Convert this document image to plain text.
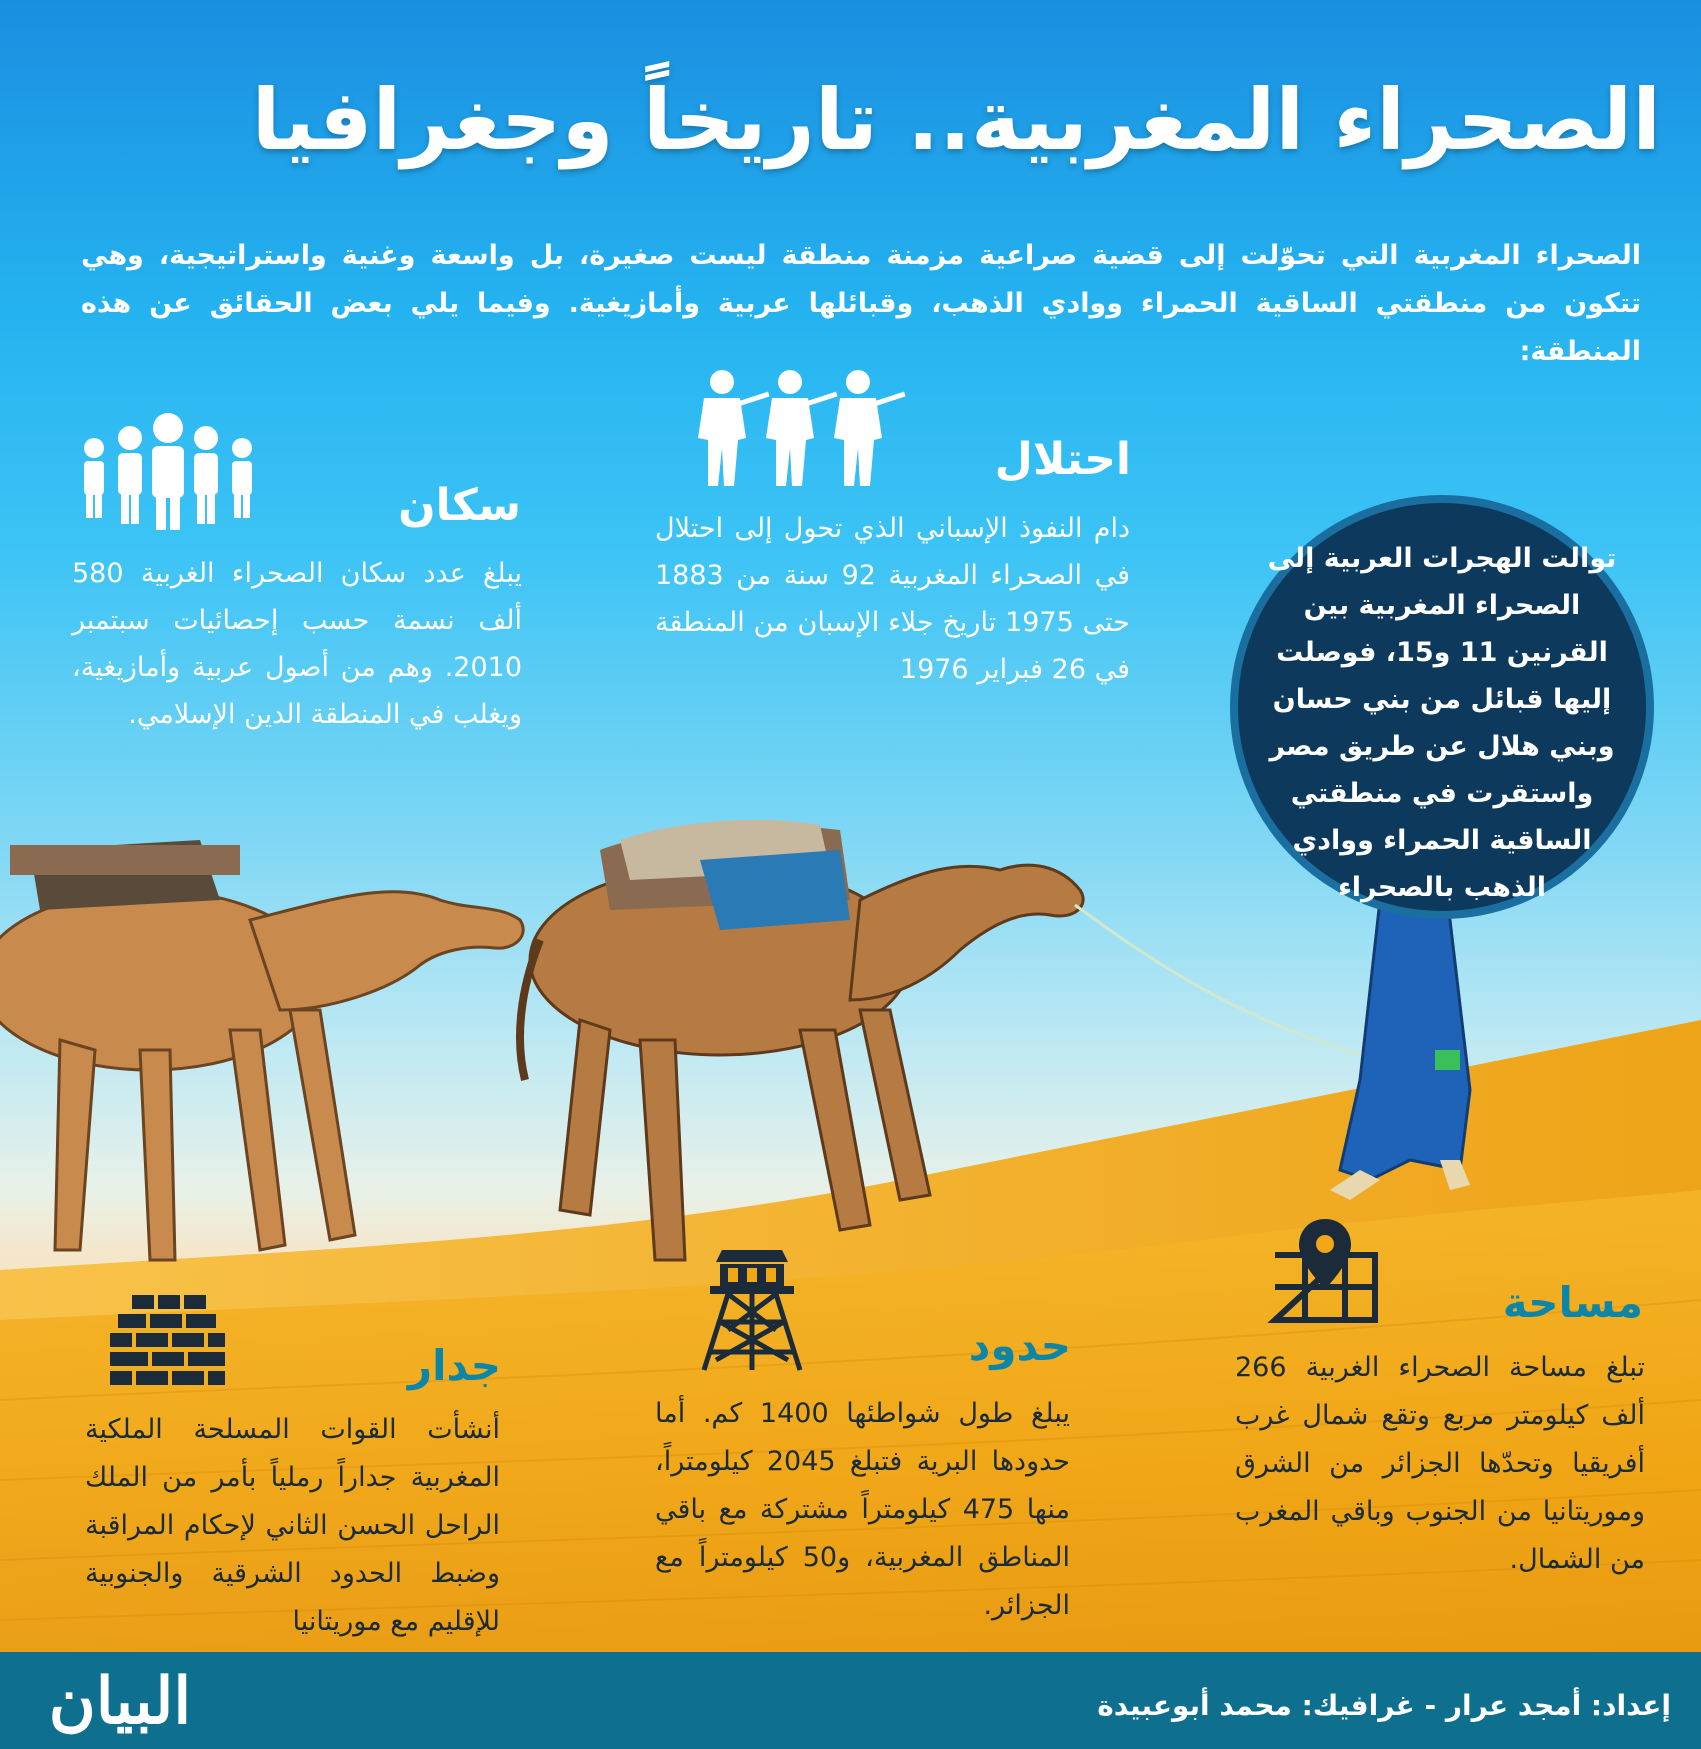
الصحراء المغربية.. تاريخاً وجغرافيا
الصحراء المغربية التي تحوّلت إلى قضية صراعية مزمنة منطقة ليست صغيرة، بل واسعة وغنية واستراتيجية، وهي تتكون من منطقتي الساقية الحمراء ووادي الذهب، وقبائلها عربية وأمازيغية. وفيما يلي بعض الحقائق عن هذه المنطقة:
سكان
يبلغ عدد سكان الصحراء الغربية 580 ألف نسمة حسب إحصائيات سبتمبر 2010. وهم من أصول عربية وأمازيغية، ويغلب في المنطقة الدين الإسلامي.
احتلال
دام النفوذ الإسباني الذي تحول إلى احتلال في الصحراء المغربية 92 سنة من 1883 حتى 1975 تاريخ جلاء الإسبان من المنطقة في 26 فبراير 1976
توالت الهجرات العربية إلى الصحراء المغربية بين القرنين 11 و15، فوصلت إليها قبائل من بني حسان وبني هلال عن طريق مصر واستقرت في منطقتي الساقية الحمراء ووادي الذهب بالصحراء
مساحة
تبلغ مساحة الصحراء الغربية 266 ألف كيلومتر مربع وتقع شمال غرب أفريقيا وتحدّها الجزائر من الشرق وموريتانيا من الجنوب وباقي المغرب من الشمال.
حدود
يبلغ طول شواطئها 1400 كم. أما حدودها البرية فتبلغ 2045 كيلومتراً، منها 475 كيلومتراً مشتركة مع باقي المناطق المغربية، و50 كيلومتراً مع الجزائر.
جدار
أنشأت القوات المسلحة الملكية المغربية جداراً رملياً بأمر من الملك الراحل الحسن الثاني لإحكام المراقبة وضبط الحدود الشرقية والجنوبية للإقليم مع موريتانيا
البيان	إعداد: أمجد عرار - غرافيك: محمد أبوعبيدة
